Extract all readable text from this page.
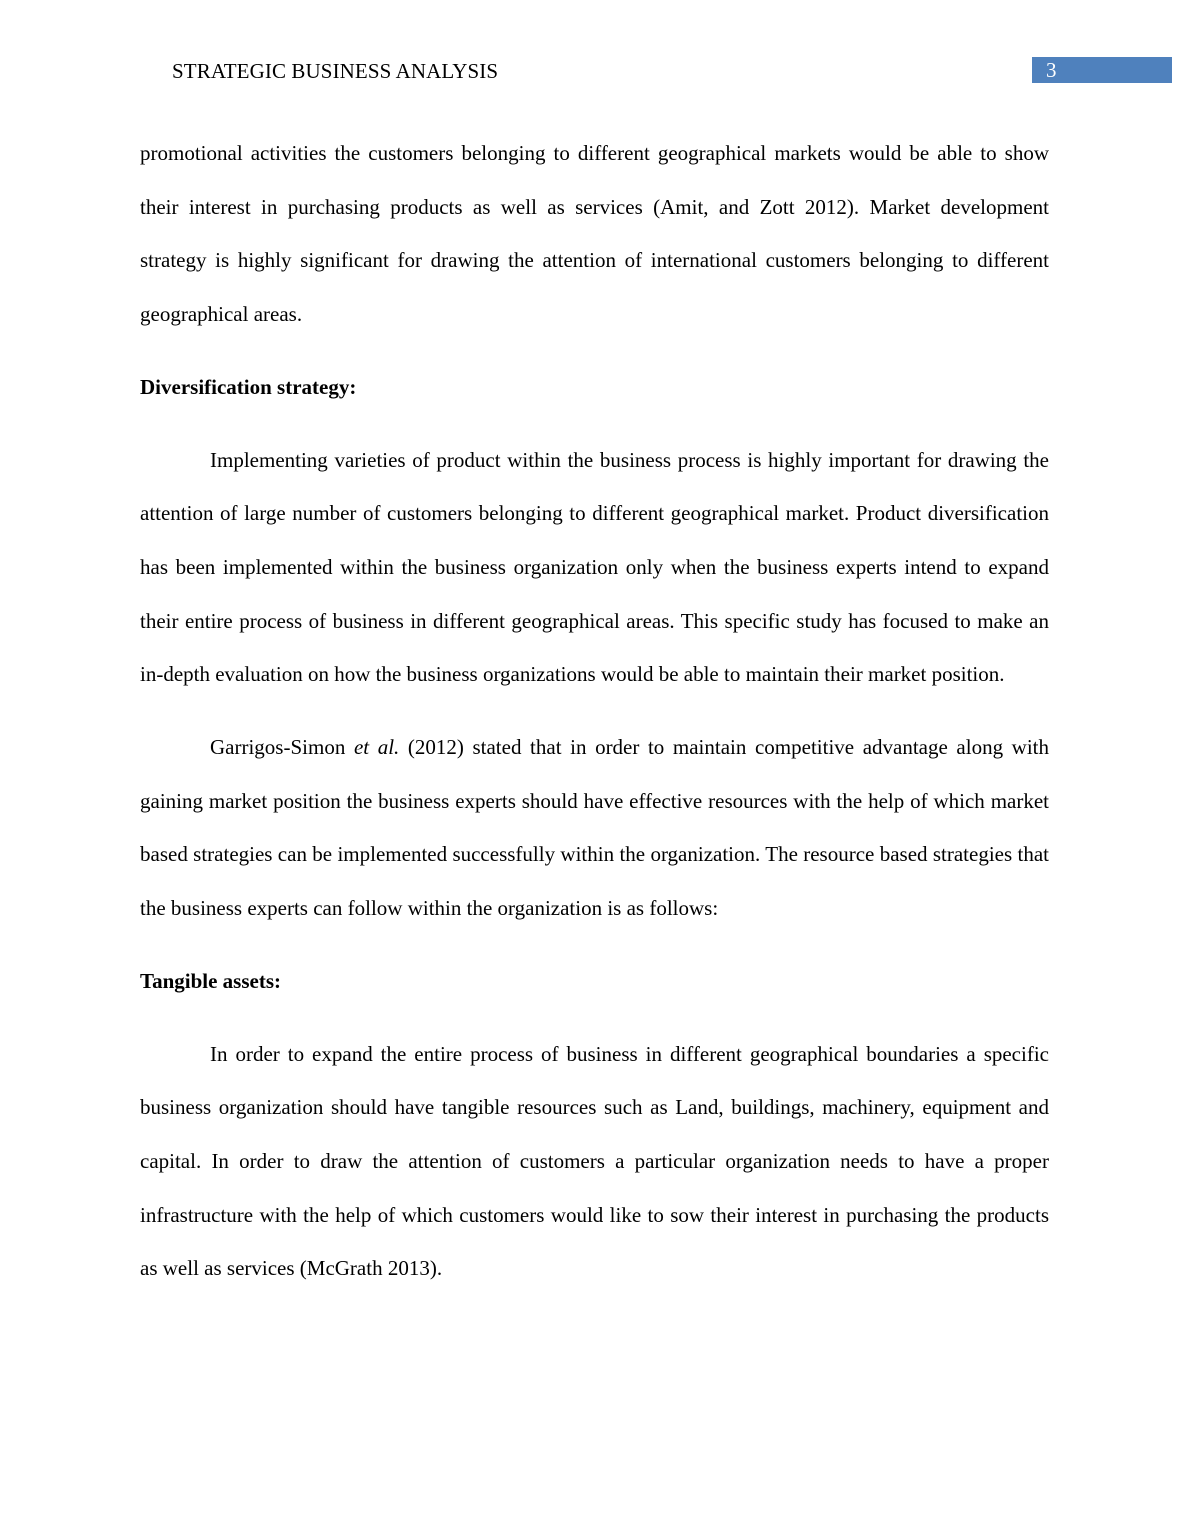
STRATEGIC BUSINESS ANALYSIS	3

promotional activities the customers belonging to different geographical markets would be able to show their interest in purchasing products as well as services (Amit, and Zott 2012). Market development strategy is highly significant for drawing the attention of international customers belonging to different geographical areas.

Diversification strategy:

Implementing varieties of product within the business process is highly important for drawing the attention of large number of customers belonging to different geographical market. Product diversification has been implemented within the business organization only when the business experts intend to expand their entire process of business in different geographical areas. This specific study has focused to make an in-depth evaluation on how the business organizations would be able to maintain their market position.

Garrigos-Simon et al. (2012) stated that in order to maintain competitive advantage along with gaining market position the business experts should have effective resources with the help of which market based strategies can be implemented successfully within the organization. The resource based strategies that the business experts can follow within the organization is as follows:

Tangible assets:

In order to expand the entire process of business in different geographical boundaries a specific business organization should have tangible resources such as Land, buildings, machinery, equipment and capital. In order to draw the attention of customers a particular organization needs to have a proper infrastructure with the help of which customers would like to sow their interest in purchasing the products as well as services (McGrath 2013).
